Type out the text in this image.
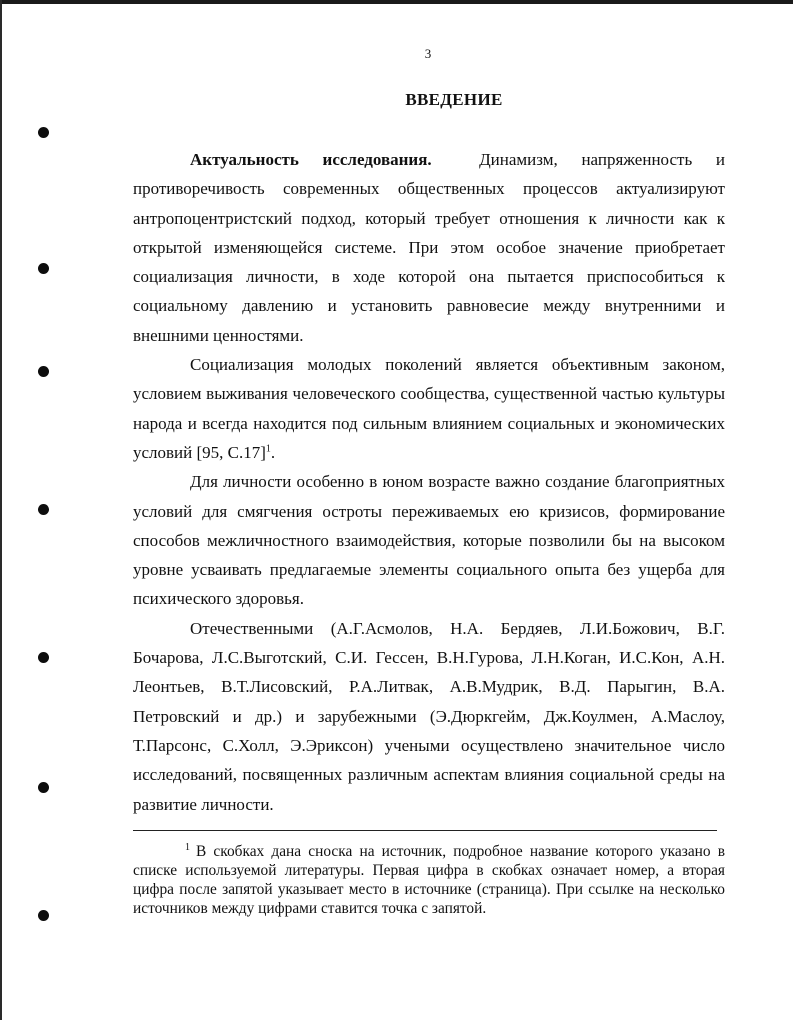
3
ВВЕДЕНИЕ

Актуальность исследования.	Динамизм, напряженность и противоречивость современных общественных процессов актуализируют антропоцентристский подход, который требует отношения к личности как к открытой изменяющейся системе. При этом особое значение приобретает социализация личности, в ходе которой она пытается приспособиться к социальному давлению и установить равновесие между внутренними и внешними ценностями.

Социализация молодых поколений является объективным законом, условием выживания человеческого сообщества, существенной частью культуры народа и всегда находится под сильным влиянием социальных и экономических условий [95, С.17]$^1$.

Для личности особенно в юном возрасте важно создание благоприятных условий для смягчения остроты переживаемых ею кризисов, формирование способов межличностного взаимодействия, которые позволили бы на высоком уровне усваивать предлагаемые элементы социального опыта без ущерба для психического здоровья.

Отечественными (А.Г.Асмолов, Н.А. Бердяев, Л.И.Божович, В.Г. Бочарова, Л.С.Выготский, С.И. Гессен, В.Н.Гурова, Л.Н.Коган, И.С.Кон, А.Н. Леонтьев, В.Т.Лисовский, Р.А.Литвак, А.В.Мудрик, В.Д. Парыгин, В.А. Петровский и др.) и зарубежными (Э.Дюркгейм, Дж.Коулмен, А.Маслоу, Т.Парсонс, С.Холл, Э.Эриксон) учеными осуществлено значительное число исследований, посвященных различным аспектам влияния социальной среды на развитие личности.

$^1$ В скобках дана сноска на источник, подробное название которого указано в списке используемой литературы. Первая цифра в скобках означает номер, а вторая цифра после запятой указывает место в источнике (страница). При ссылке на несколько источников между цифрами ставится точка с запятой.
